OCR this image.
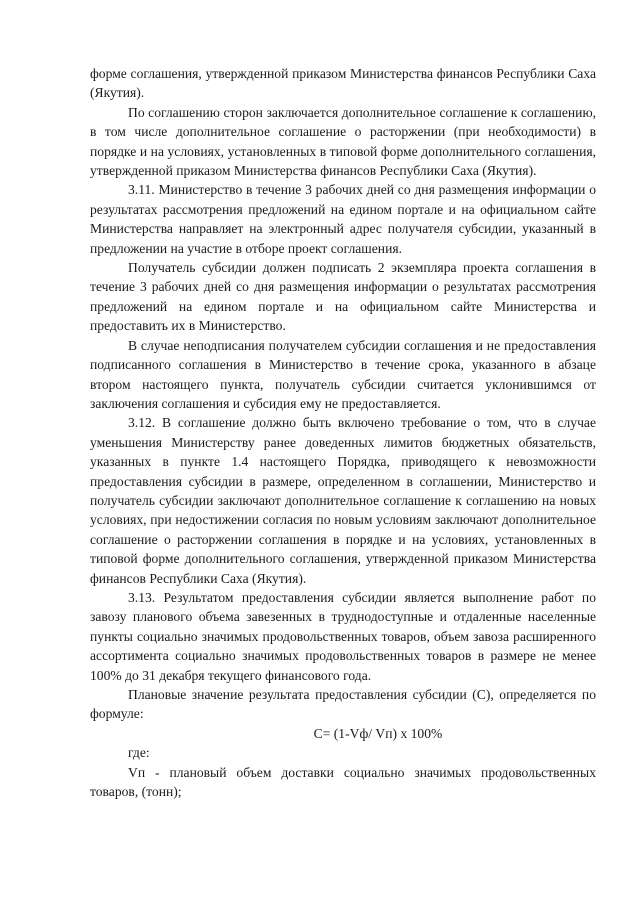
форме соглашения, утвержденной приказом Министерства финансов Республики Саха (Якутия).

По соглашению сторон заключается дополнительное соглашение к соглашению, в том числе дополнительное соглашение о расторжении (при необходимости) в порядке и на условиях, установленных в типовой форме дополнительного соглашения, утвержденной приказом Министерства финансов Республики Саха (Якутия).

3.11. Министерство в течение 3 рабочих дней со дня размещения информации о результатах рассмотрения предложений на едином портале и на официальном сайте Министерства направляет на электронный адрес получателя субсидии, указанный в предложении на участие в отборе проект соглашения.

Получатель субсидии должен подписать 2 экземпляра проекта соглашения в течение 3 рабочих дней со дня размещения информации о результатах рассмотрения предложений на едином портале и на официальном сайте Министерства и предоставить их в Министерство.

В случае неподписания получателем субсидии соглашения и не предоставления подписанного соглашения в Министерство в течение срока, указанного в абзаце втором настоящего пункта, получатель субсидии считается уклонившимся от заключения соглашения и субсидия ему не предоставляется.

3.12. В соглашение должно быть включено требование о том, что в случае уменьшения Министерству ранее доведенных лимитов бюджетных обязательств, указанных в пункте 1.4 настоящего Порядка, приводящего к невозможности предоставления субсидии в размере, определенном в соглашении, Министерство и получатель субсидии заключают дополнительное соглашение к соглашению на новых условиях, при недостижении согласия по новым условиям заключают дополнительное соглашение о расторжении соглашения в порядке и на условиях, установленных в типовой форме дополнительного соглашения, утвержденной приказом Министерства финансов Республики Саха (Якутия).

3.13. Результатом предоставления субсидии является выполнение работ по завозу планового объема завезенных в труднодоступные и отдаленные населенные пункты социально значимых продовольственных товаров, объем завоза расширенного ассортимента социально значимых продовольственных товаров в размере не менее 100% до 31 декабря текущего финансового года.

Плановые значение результата предоставления субсидии (С), определяется по формуле:

С= (1-Vф/ Vп) х 100%

где:

Vп - плановый объем доставки социально значимых продовольственных товаров, (тонн);
